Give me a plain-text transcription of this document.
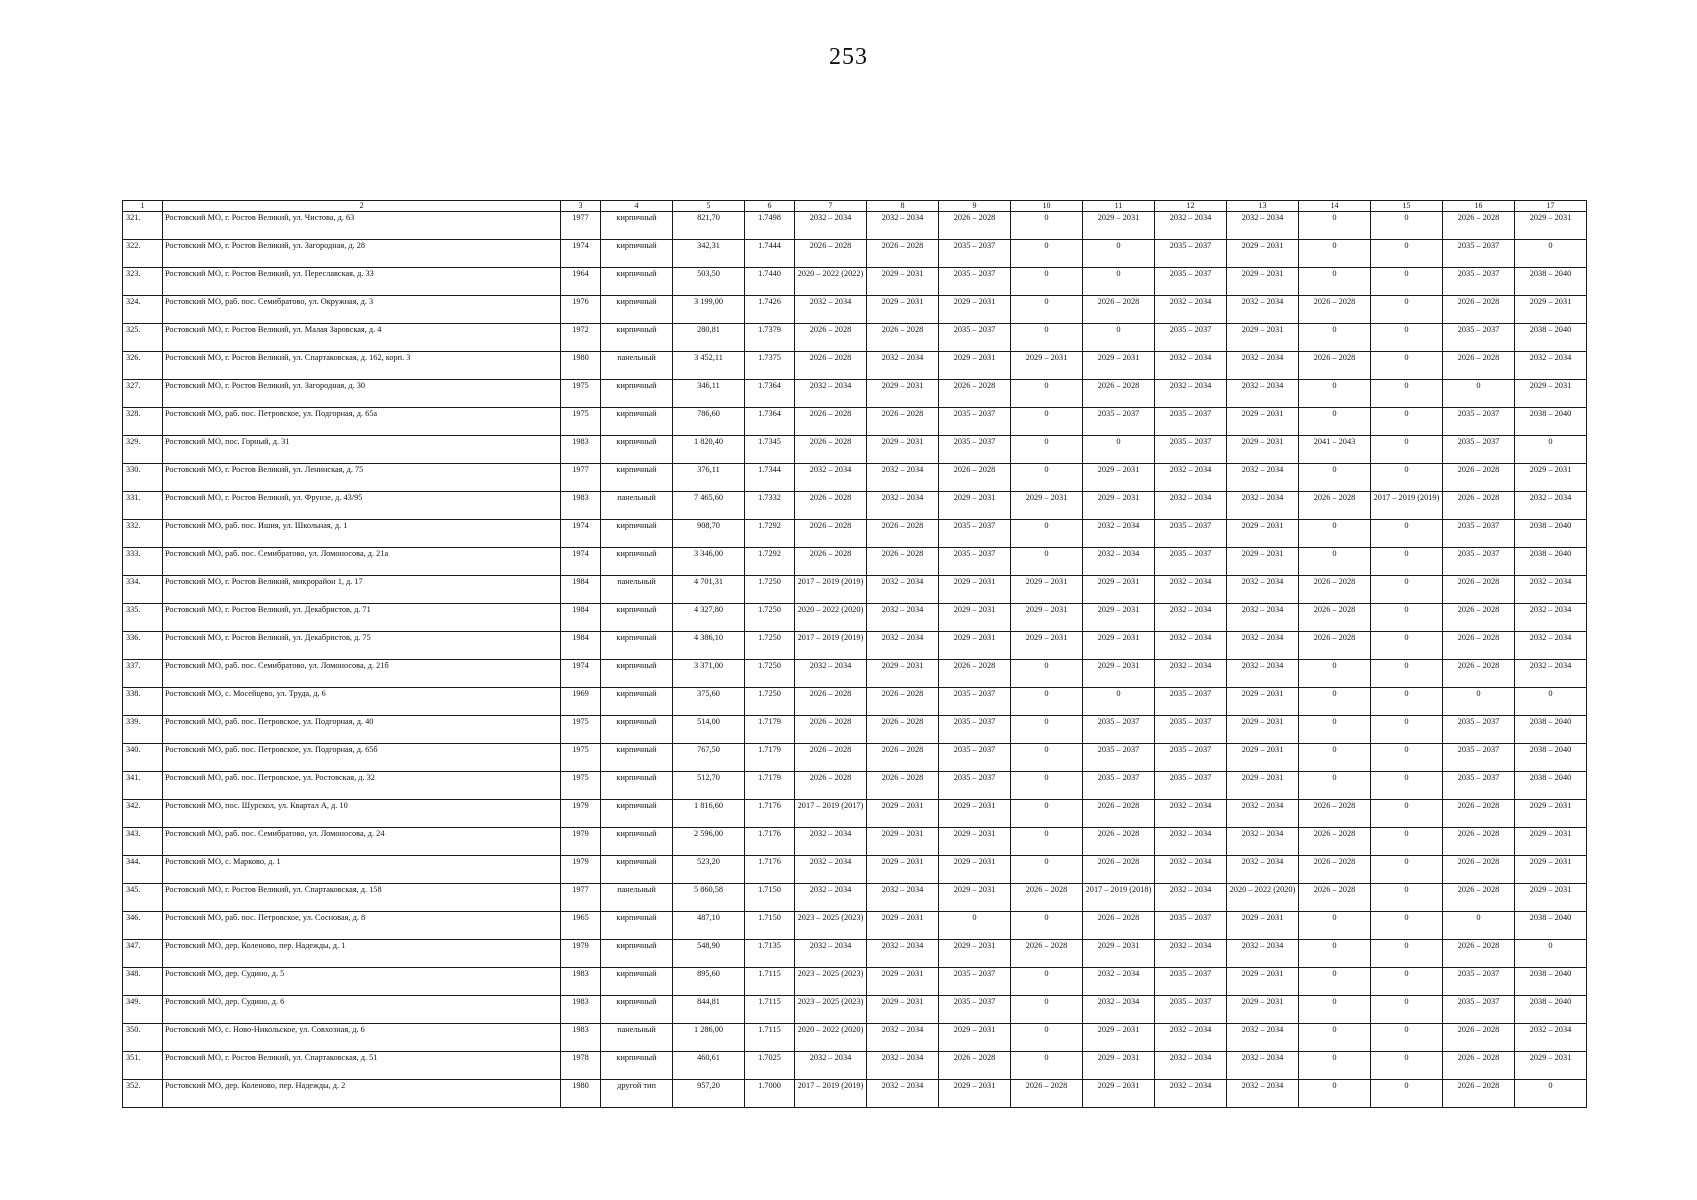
253
1	2	3	4	5	6	7	8	9	10	11	12	13	14	15	16	17
321.	Ростовский МО, г. Ростов Великий, ул. Чистова, д. 63	1977	кирпичный	821,70	1.7498	2032 – 2034	2032 – 2034	2026 – 2028	0	2029 – 2031	2032 – 2034	2032 – 2034	0	0	2026 – 2028	2029 – 2031
322.	Ростовский МО, г. Ростов Великий, ул. Загородная, д. 28	1974	кирпичный	342,31	1.7444	2026 – 2028	2026 – 2028	2035 – 2037	0	0	2035 – 2037	2029 – 2031	0	0	2035 – 2037	0
323.	Ростовский МО, г. Ростов Великий, ул. Переславская, д. 33	1964	кирпичный	503,50	1.7440	2020 – 2022 (2022)	2029 – 2031	2035 – 2037	0	0	2035 – 2037	2029 – 2031	0	0	2035 – 2037	2038 – 2040
324.	Ростовский МО, раб. пос. Семибратово, ул. Окружная, д. 3	1976	кирпичный	3 199,00	1.7426	2032 – 2034	2029 – 2031	2029 – 2031	0	2026 – 2028	2032 – 2034	2032 – 2034	2026 – 2028	0	2026 – 2028	2029 – 2031
325.	Ростовский МО, г. Ростов Великий, ул. Малая Заровская, д. 4	1972	кирпичный	280,81	1.7379	2026 – 2028	2026 – 2028	2035 – 2037	0	0	2035 – 2037	2029 – 2031	0	0	2035 – 2037	2038 – 2040
326.	Ростовский МО, г. Ростов Великий, ул. Спартаковская, д. 162, корп. 3	1980	панельный	3 452,11	1.7375	2026 – 2028	2032 – 2034	2029 – 2031	2029 – 2031	2029 – 2031	2032 – 2034	2032 – 2034	2026 – 2028	0	2026 – 2028	2032 – 2034
327.	Ростовский МО, г. Ростов Великий, ул. Загородная, д. 30	1975	кирпичный	346,11	1.7364	2032 – 2034	2029 – 2031	2026 – 2028	0	2026 – 2028	2032 – 2034	2032 – 2034	0	0	0	2029 – 2031
328.	Ростовский МО, раб. пос. Петровское, ул. Подгорная, д. 65а	1975	кирпичный	786,60	1.7364	2026 – 2028	2026 – 2028	2035 – 2037	0	2035 – 2037	2035 – 2037	2029 – 2031	0	0	2035 – 2037	2038 – 2040
329.	Ростовский МО, пос. Горный, д. 31	1983	кирпичный	1 820,40	1.7345	2026 – 2028	2029 – 2031	2035 – 2037	0	0	2035 – 2037	2029 – 2031	2041 – 2043	0	2035 – 2037	0
330.	Ростовский МО, г. Ростов Великий, ул. Ленинская, д. 75	1977	кирпичный	376,11	1.7344	2032 – 2034	2032 – 2034	2026 – 2028	0	2029 – 2031	2032 – 2034	2032 – 2034	0	0	2026 – 2028	2029 – 2031
331.	Ростовский МО, г. Ростов Великий, ул. Фрунзе, д. 43/95	1983	панельный	7 465,60	1.7332	2026 – 2028	2032 – 2034	2029 – 2031	2029 – 2031	2029 – 2031	2032 – 2034	2032 – 2034	2026 – 2028	2017 – 2019 (2019)	2026 – 2028	2032 – 2034
332.	Ростовский МО, раб. пос. Ишня, ул. Школьная, д. 1	1974	кирпичный	908,70	1.7292	2026 – 2028	2026 – 2028	2035 – 2037	0	2032 – 2034	2035 – 2037	2029 – 2031	0	0	2035 – 2037	2038 – 2040
333.	Ростовский МО, раб. пос. Семибратово, ул. Ломоносова, д. 21а	1974	кирпичный	3 346,00	1.7292	2026 – 2028	2026 – 2028	2035 – 2037	0	2032 – 2034	2035 – 2037	2029 – 2031	0	0	2035 – 2037	2038 – 2040
334.	Ростовский МО, г. Ростов Великий, микрорайон 1, д. 17	1984	панельный	4 701,31	1.7250	2017 – 2019 (2019)	2032 – 2034	2029 – 2031	2029 – 2031	2029 – 2031	2032 – 2034	2032 – 2034	2026 – 2028	0	2026 – 2028	2032 – 2034
335.	Ростовский МО, г. Ростов Великий, ул. Декабристов, д. 71	1984	кирпичный	4 327,80	1.7250	2020 – 2022 (2020)	2032 – 2034	2029 – 2031	2029 – 2031	2029 – 2031	2032 – 2034	2032 – 2034	2026 – 2028	0	2026 – 2028	2032 – 2034
336.	Ростовский МО, г. Ростов Великий, ул. Декабристов, д. 75	1984	кирпичный	4 386,10	1.7250	2017 – 2019 (2019)	2032 – 2034	2029 – 2031	2029 – 2031	2029 – 2031	2032 – 2034	2032 – 2034	2026 – 2028	0	2026 – 2028	2032 – 2034
337.	Ростовский МО, раб. пос. Семибратово, ул. Ломоносова, д. 21б	1974	кирпичный	3 371,00	1.7250	2032 – 2034	2029 – 2031	2026 – 2028	0	2029 – 2031	2032 – 2034	2032 – 2034	0	0	2026 – 2028	2032 – 2034
338.	Ростовский МО, с. Мосейцево, ул. Труда, д. 6	1969	кирпичный	375,60	1.7250	2026 – 2028	2026 – 2028	2035 – 2037	0	0	2035 – 2037	2029 – 2031	0	0	0	0
339.	Ростовский МО, раб. пос. Петровское, ул. Подгорная, д. 40	1975	кирпичный	514,00	1.7179	2026 – 2028	2026 – 2028	2035 – 2037	0	2035 – 2037	2035 – 2037	2029 – 2031	0	0	2035 – 2037	2038 – 2040
340.	Ростовский МО, раб. пос. Петровское, ул. Подгорная, д. 65б	1975	кирпичный	767,50	1.7179	2026 – 2028	2026 – 2028	2035 – 2037	0	2035 – 2037	2035 – 2037	2029 – 2031	0	0	2035 – 2037	2038 – 2040
341.	Ростовский МО, раб. пос. Петровское, ул. Ростовская, д. 32	1975	кирпичный	512,70	1.7179	2026 – 2028	2026 – 2028	2035 – 2037	0	2035 – 2037	2035 – 2037	2029 – 2031	0	0	2035 – 2037	2038 – 2040
342.	Ростовский МО, пос. Шурскол, ул. Квартал А, д. 10	1979	кирпичный	1 816,60	1.7176	2017 – 2019 (2017)	2029 – 2031	2029 – 2031	0	2026 – 2028	2032 – 2034	2032 – 2034	2026 – 2028	0	2026 – 2028	2029 – 2031
343.	Ростовский МО, раб. пос. Семибратово, ул. Ломоносова, д. 24	1979	кирпичный	2 596,00	1.7176	2032 – 2034	2029 – 2031	2029 – 2031	0	2026 – 2028	2032 – 2034	2032 – 2034	2026 – 2028	0	2026 – 2028	2029 – 2031
344.	Ростовский МО, с. Марково, д. 1	1979	кирпичный	523,20	1.7176	2032 – 2034	2029 – 2031	2029 – 2031	0	2026 – 2028	2032 – 2034	2032 – 2034	2026 – 2028	0	2026 – 2028	2029 – 2031
345.	Ростовский МО, г. Ростов Великий, ул. Спартаковская, д. 158	1977	панельный	5 860,58	1.7150	2032 – 2034	2032 – 2034	2029 – 2031	2026 – 2028	2017 – 2019 (2018)	2032 – 2034	2020 – 2022 (2020)	2026 – 2028	0	2026 – 2028	2029 – 2031
346.	Ростовский МО, раб. пос. Петровское, ул. Сосновая, д. 8	1965	кирпичный	487,10	1.7150	2023 – 2025 (2023)	2029 – 2031	0	0	2026 – 2028	2035 – 2037	2029 – 2031	0	0	0	2038 – 2040
347.	Ростовский МО, дер. Коленово, пер. Надежды, д. 1	1979	кирпичный	548,90	1.7135	2032 – 2034	2032 – 2034	2029 – 2031	2026 – 2028	2029 – 2031	2032 – 2034	2032 – 2034	0	0	2026 – 2028	0
348.	Ростовский МО, дер. Судино, д. 5	1983	кирпичный	895,60	1.7115	2023 – 2025 (2023)	2029 – 2031	2035 – 2037	0	2032 – 2034	2035 – 2037	2029 – 2031	0	0	2035 – 2037	2038 – 2040
349.	Ростовский МО, дер. Судино, д. 6	1983	кирпичный	844,81	1.7115	2023 – 2025 (2023)	2029 – 2031	2035 – 2037	0	2032 – 2034	2035 – 2037	2029 – 2031	0	0	2035 – 2037	2038 – 2040
350.	Ростовский МО, с. Ново-Никольское, ул. Совхозная, д. 6	1983	панельный	1 286,00	1.7115	2020 – 2022 (2020)	2032 – 2034	2029 – 2031	0	2029 – 2031	2032 – 2034	2032 – 2034	0	0	2026 – 2028	2032 – 2034
351.	Ростовский МО, г. Ростов Великий, ул. Спартаковская, д. 51	1978	кирпичный	460,61	1.7025	2032 – 2034	2032 – 2034	2026 – 2028	0	2029 – 2031	2032 – 2034	2032 – 2034	0	0	2026 – 2028	2029 – 2031
352.	Ростовский МО, дер. Коленово, пер. Надежды, д. 2	1980	другой тип	957,20	1.7000	2017 – 2019 (2019)	2032 – 2034	2029 – 2031	2026 – 2028	2029 – 2031	2032 – 2034	2032 – 2034	0	0	2026 – 2028	0
